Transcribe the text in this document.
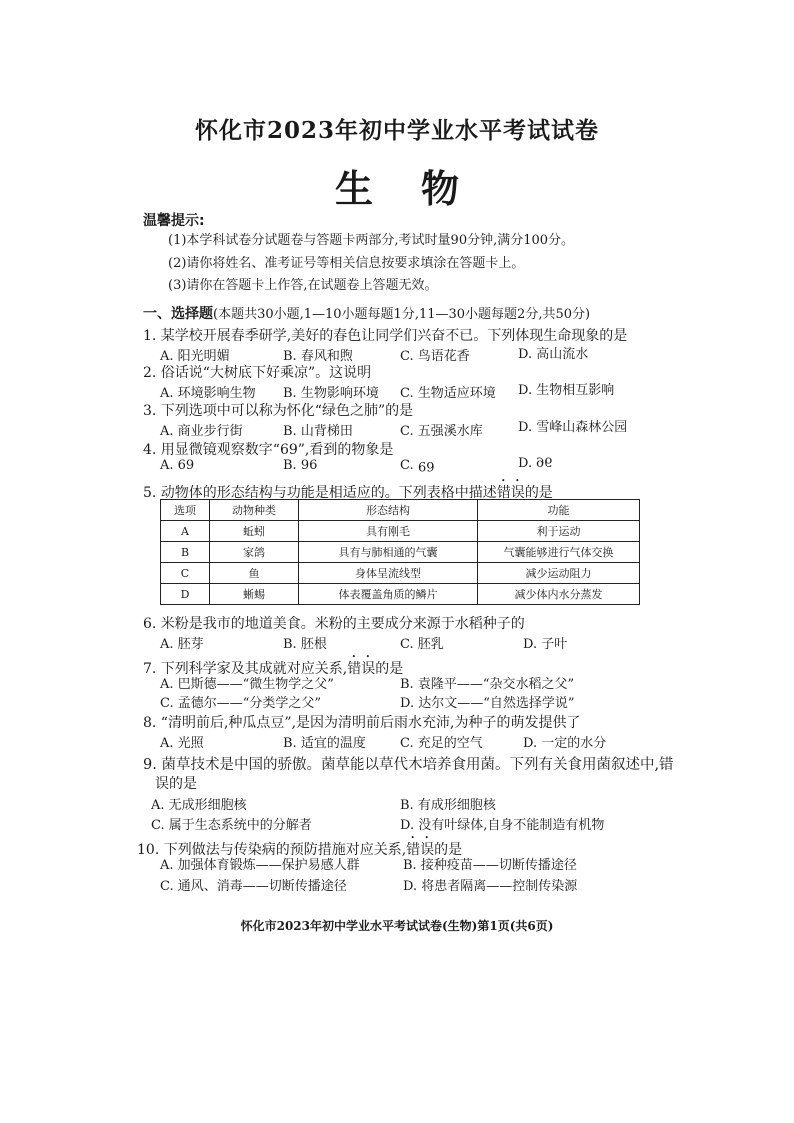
怀化市2023年初中学业水平考试试卷
生物
温馨提示:
(1)本学科试卷分试题卷与答题卡两部分,考试时量90分钟,满分100分。
(2)请你将姓名、准考证号等相关信息按要求填涂在答题卡上。
(3)请你在答题卡上作答,在试题卷上答题无效。
一、选择题(本题共30小题,1—10小题每题1分,11—30小题每题2分,共50分)
1. 某学校开展春季研学,美好的春色让同学们兴奋不已。下列体现生命现象的是
A. 阳光明媚	B. 春风和煦	C. 鸟语花香	D. 高山流水
2. 俗话说“大树底下好乘凉”。这说明
A. 环境影响生物 B. 生物影响环境 C. 生物适应环境 D. 生物相互影响
3. 下列选项中可以称为怀化“绿色之肺”的是
A. 商业步行街	B. 山背梯田	C. 五强溪水库	D. 雪峰山森林公园
4. 用显微镜观察数字“69”,看到的物象是
A. 69	B. 96	C. 69	D. 96
5. 动物体的形态结构与功能是相适应的。下列表格中描述错误的是
选项	动物种类	形态结构	功能
A	蚯蚓	具有刚毛	利于运动
B	家鸽	具有与肺相通的气囊	气囊能够进行气体交换
C	鱼	身体呈流线型	减少运动阻力
D	蜥蜴	体表覆盖角质的鳞片	减少体内水分蒸发
6. 米粉是我市的地道美食。米粉的主要成分来源于水稻种子的
A. 胚芽	B. 胚根	C. 胚乳	D. 子叶
7. 下列科学家及其成就对应关系,错误的是
A. 巴斯德——“微生物学之父”	B. 袁隆平——“杂交水稻之父”
C. 孟德尔——“分类学之父”	D. 达尔文——“自然选择学说”
8. “清明前后,种瓜点豆”,是因为清明前后雨水充沛,为种子的萌发提供了
A. 光照	B. 适宜的温度	C. 充足的空气	D. 一定的水分
9. 菌草技术是中国的骄傲。菌草能以草代木培养食用菌。下列有关食用菌叙述中,错
误的是
A. 无成形细胞核	B. 有成形细胞核
C. 属于生态系统中的分解者	D. 没有叶绿体,自身不能制造有机物
10. 下列做法与传染病的预防措施对应关系,错误的是
A. 加强体育锻炼——保护易感人群	B. 接种疫苗——切断传播途径
C. 通风、消毒——切断传播途径	D. 将患者隔离——控制传染源
怀化市2023年初中学业水平考试试卷(生物)第1页(共6页)
